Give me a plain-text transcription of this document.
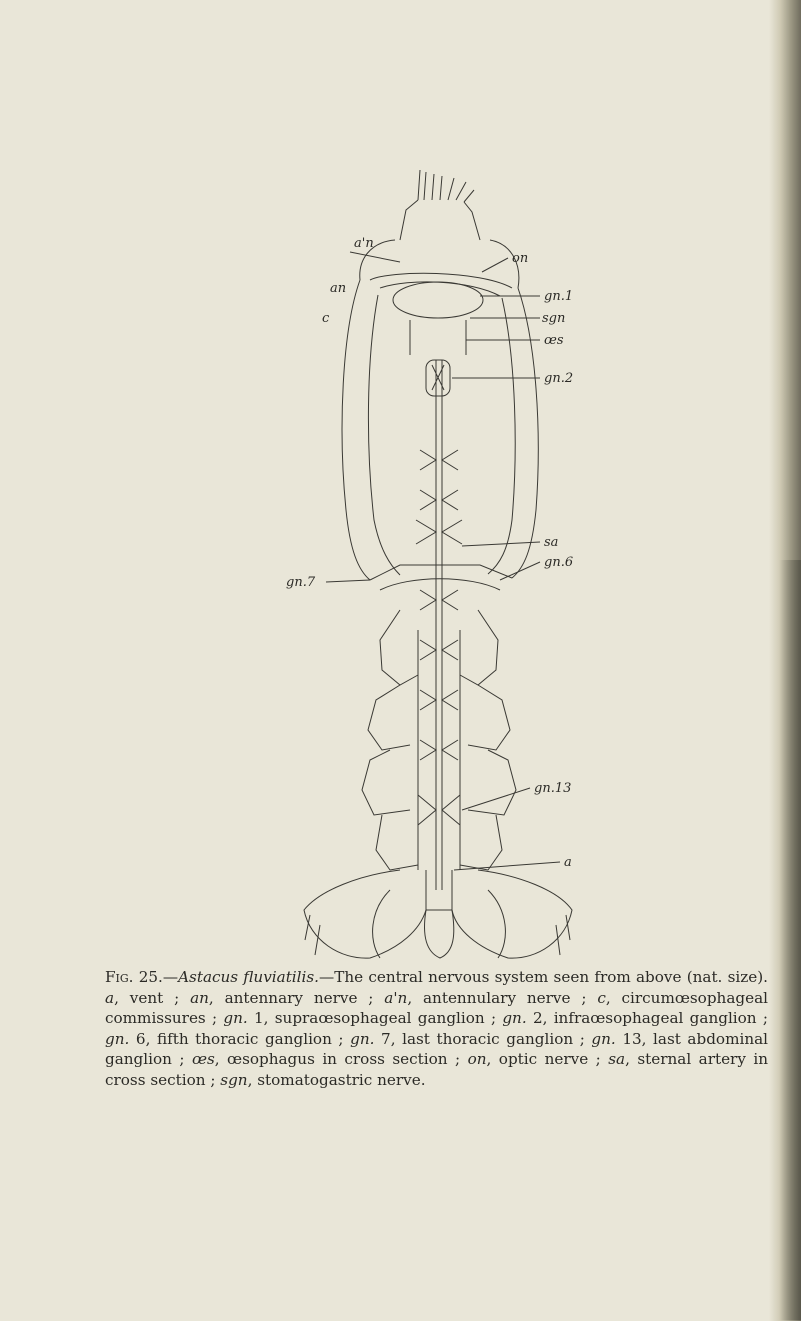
a'n
an
c
on
gn.1
sgn
œs
gn.2
sa
gn.6
gn.7
gn.13
a
Fig. 25.—Astacus fluviatilis.—The central nervous system seen from above (nat. size). a, vent ; an, antennary nerve ; a'n, antennulary nerve ; c, circumœsophageal commissures ; gn. 1, supraœsophageal ganglion ; gn. 2, infraœsophageal ganglion ; gn. 6, fifth thoracic ganglion ; gn. 7, last thoracic ganglion ; gn. 13, last abdominal ganglion ; œs, œsophagus in cross section ; on, optic nerve ; sa, sternal artery in cross section ; sgn, stomatogastric nerve.
